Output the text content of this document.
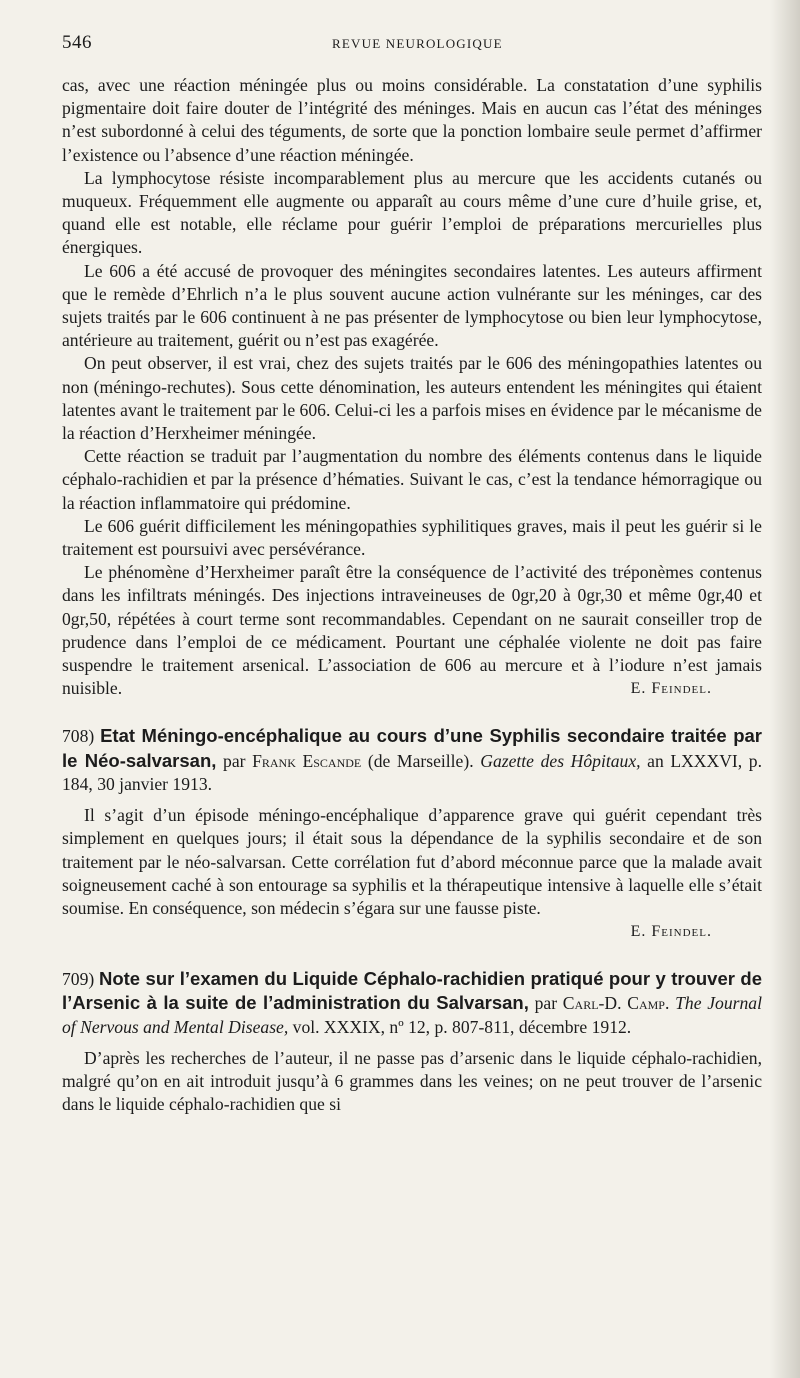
546	REVUE NEUROLOGIQUE

cas, avec une réaction méningée plus ou moins considérable. La constatation d’une syphilis pigmentaire doit faire douter de l’intégrité des méninges. Mais en aucun cas l’état des méninges n’est subordonné à celui des téguments, de sorte que la ponction lombaire seule permet d’affirmer l’existence ou l’absence d’une réaction méningée.

La lymphocytose résiste incomparablement plus au mercure que les accidents cutanés ou muqueux. Fréquemment elle augmente ou apparaît au cours même d’une cure d’huile grise, et, quand elle est notable, elle réclame pour guérir l’emploi de préparations mercurielles plus énergiques.

Le 606 a été accusé de provoquer des méningites secondaires latentes. Les auteurs affirment que le remède d’Ehrlich n’a le plus souvent aucune action vulnérante sur les méninges, car des sujets traités par le 606 continuent à ne pas présenter de lymphocytose ou bien leur lymphocytose, antérieure au traitement, guérit ou n’est pas exagérée.

On peut observer, il est vrai, chez des sujets traités par le 606 des méningopathies latentes ou non (méningo-rechutes). Sous cette dénomination, les auteurs entendent les méningites qui étaient latentes avant le traitement par le 606. Celui-ci les a parfois mises en évidence par le mécanisme de la réaction d’Herxheimer méningée.

Cette réaction se traduit par l’augmentation du nombre des éléments contenus dans le liquide céphalo-rachidien et par la présence d’hématies. Suivant le cas, c’est la tendance hémorragique ou la réaction inflammatoire qui prédomine.

Le 606 guérit difficilement les méningopathies syphilitiques graves, mais il peut les guérir si le traitement est poursuivi avec persévérance.

Le phénomène d’Herxheimer paraît être la conséquence de l’activité des tréponèmes contenus dans les infiltrats méningés. Des injections intraveineuses de 0gr,20 à 0gr,30 et même 0gr,40 et 0gr,50, répétées à court terme sont recommandables. Cependant on ne saurait conseiller trop de prudence dans l’emploi de ce médicament. Pourtant une céphalée violente ne doit pas faire suspendre le traitement arsenical. L’association de 606 au mercure et à l’iodure n’est jamais nuisible.	E. Feindel.

708) Etat Méningo-encéphalique au cours d’une Syphilis secondaire traitée par le Néo-salvarsan, par Frank Escande (de Marseille). Gazette des Hôpitaux, an LXXXVI, p. 184, 30 janvier 1913.

Il s’agit d’un épisode méningo-encéphalique d’apparence grave qui guérit cependant très simplement en quelques jours; il était sous la dépendance de la syphilis secondaire et de son traitement par le néo-salvarsan. Cette corrélation fut d’abord méconnue parce que la malade avait soigneusement caché à son entourage sa syphilis et la thérapeutique intensive à laquelle elle s’était soumise. En conséquence, son médecin s’égara sur une fausse piste.

E. Feindel.

709) Note sur l’examen du Liquide Céphalo-rachidien pratiqué pour y trouver de l’Arsenic à la suite de l’administration du Salvarsan, par Carl-D. Camp. The Journal of Nervous and Mental Disease, vol. XXXIX, nº 12, p. 807-811, décembre 1912.

D’après les recherches de l’auteur, il ne passe pas d’arsenic dans le liquide céphalo-rachidien, malgré qu’on en ait introduit jusqu’à 6 grammes dans les veines; on ne peut trouver de l’arsenic dans le liquide céphalo-rachidien que si
